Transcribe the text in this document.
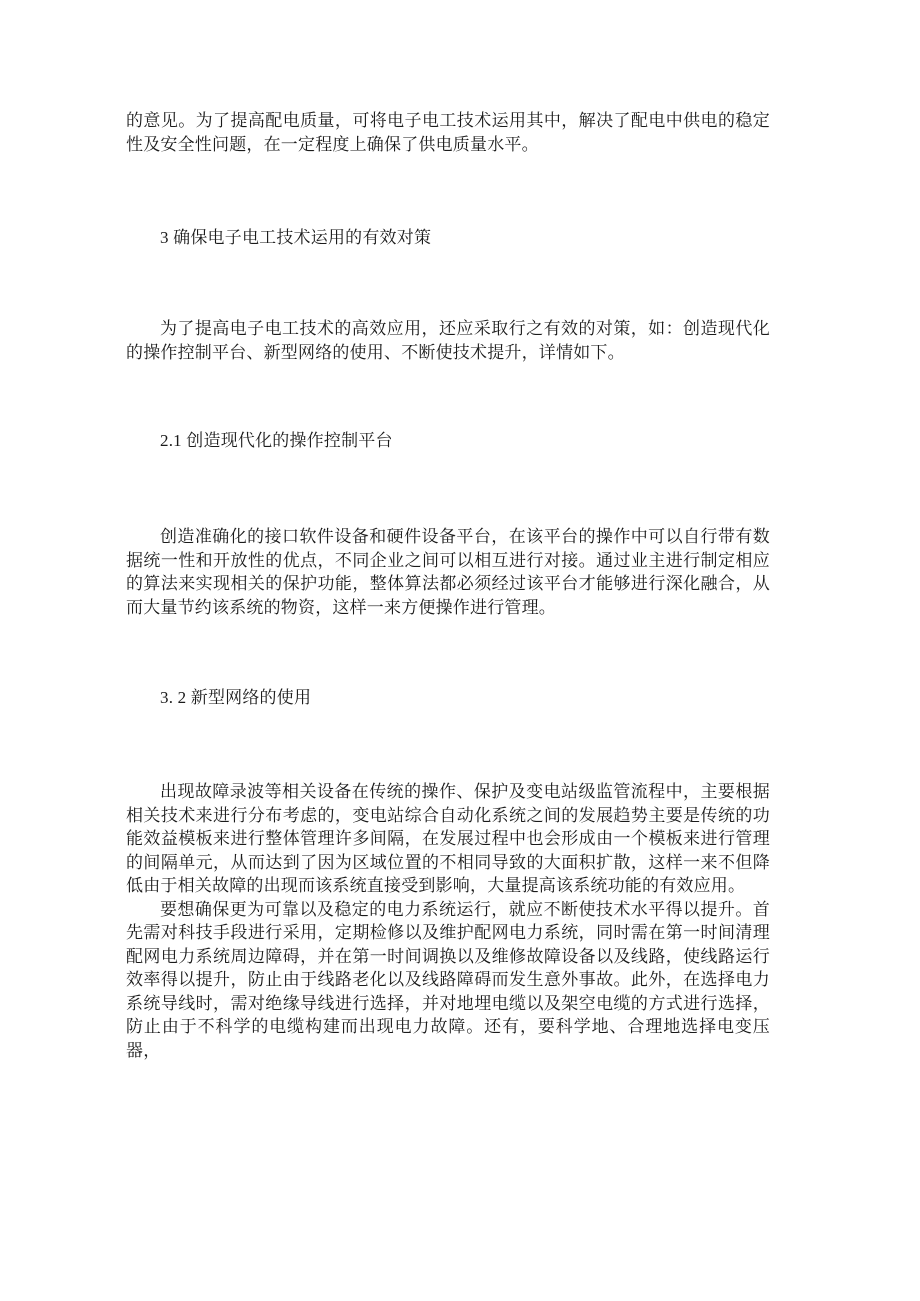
的意见。为了提高配电质量，可将电子电工技术运用其中，解决了配电中供电的稳定性及安全性问题，在一定程度上确保了供电质量水平。

3 确保电子电工技术运用的有效对策

为了提高电子电工技术的高效应用，还应采取行之有效的对策，如：创造现代化的操作控制平台、新型网络的使用、不断使技术提升，详情如下。

2.1 创造现代化的操作控制平台

创造准确化的接口软件设备和硬件设备平台，在该平台的操作中可以自行带有数据统一性和开放性的优点，不同企业之间可以相互进行对接。通过业主进行制定相应的算法来实现相关的保护功能，整体算法都必须经过该平台才能够进行深化融合，从而大量节约该系统的物资，这样一来方便操作进行管理。

3. 2 新型网络的使用

出现故障录波等相关设备在传统的操作、保护及变电站级监管流程中，主要根据相关技术来进行分布考虑的，变电站综合自动化系统之间的发展趋势主要是传统的功能效益模板来进行整体管理许多间隔，在发展过程中也会形成由一个模板来进行管理的间隔单元，从而达到了因为区域位置的不相同导致的大面积扩散，这样一来不但降低由于相关故障的出现而该系统直接受到影响，大量提高该系统功能的有效应用。

要想确保更为可靠以及稳定的电力系统运行，就应不断使技术水平得以提升。首先需对科技手段进行采用，定期检修以及维护配网电力系统，同时需在第一时间清理配网电力系统周边障碍，并在第一时间调换以及维修故障设备以及线路，使线路运行效率得以提升，防止由于线路老化以及线路障碍而发生意外事故。此外，在选择电力系统导线时，需对绝缘导线进行选择，并对地埋电缆以及架空电缆的方式进行选择，防止由于不科学的电缆构建而出现电力故障。还有，要科学地、合理地选择电变压器，
